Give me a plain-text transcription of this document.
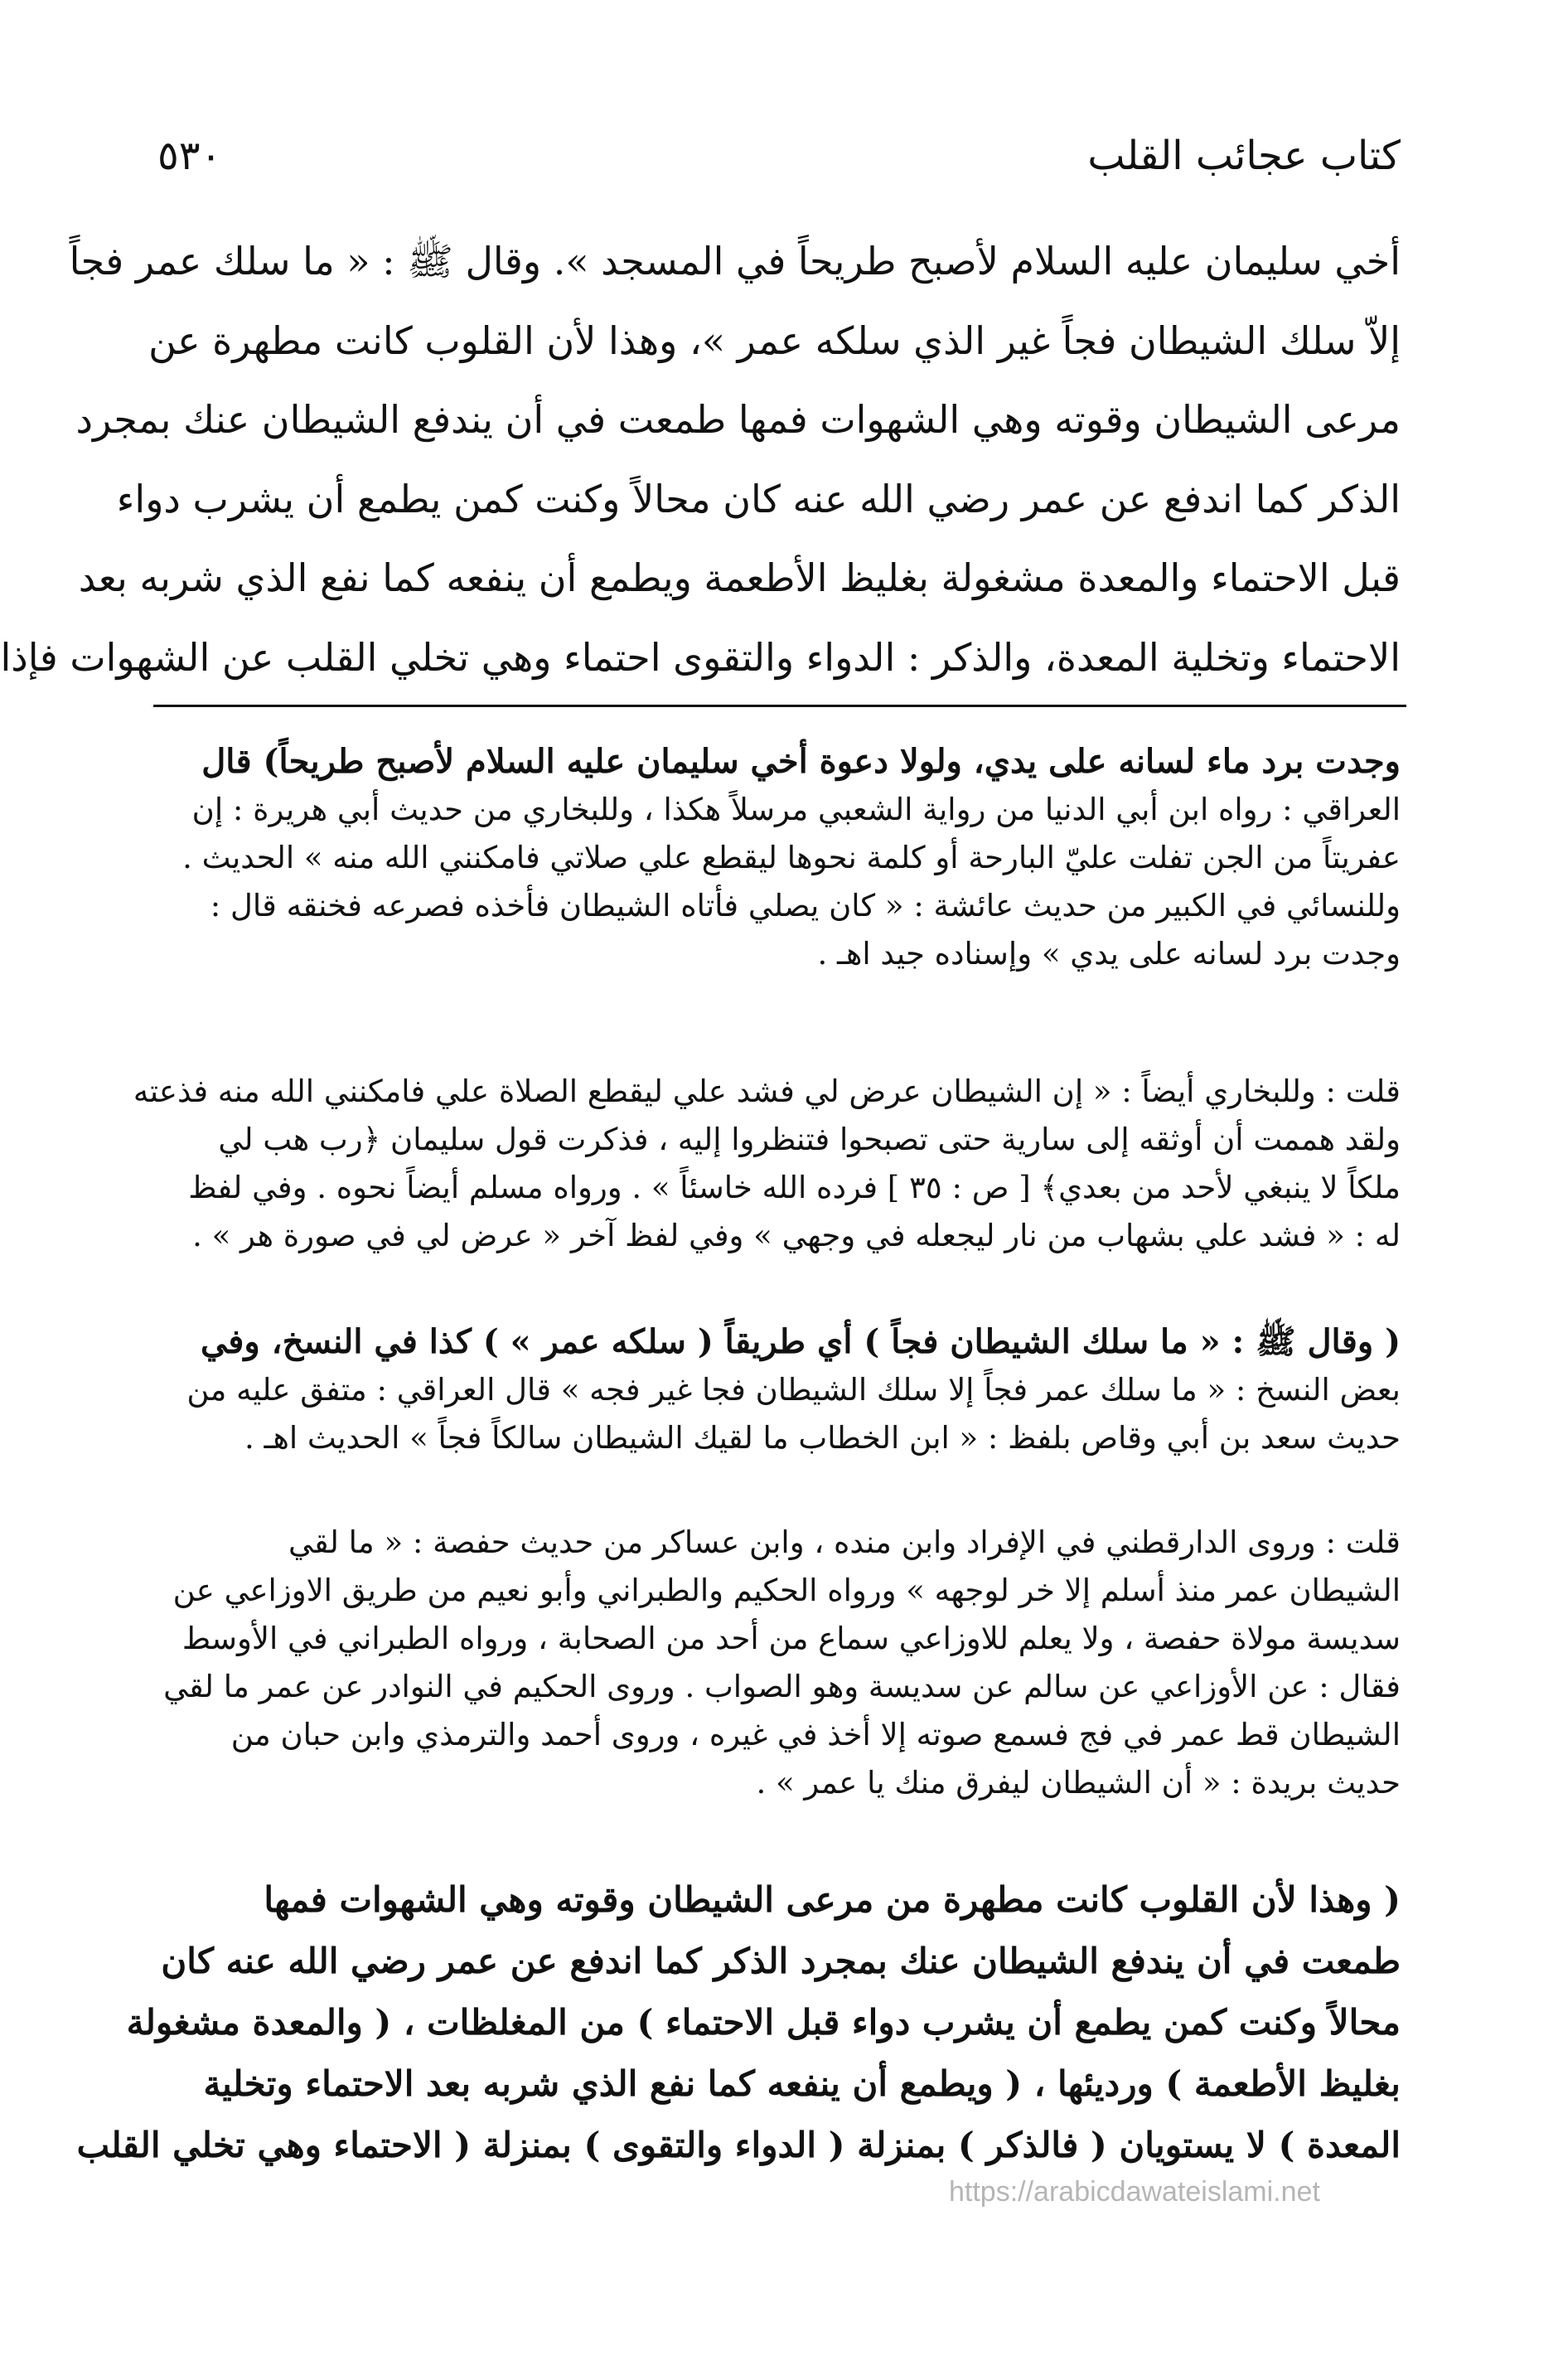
كتاب عجائب القلب
٥٣٠

أخي سليمان عليه السلام لأصبح طريحاً في المسجد ». وقال ﷺ : « ما سلك عمر فجاً

إلاّ سلك الشيطان فجاً غير الذي سلكه عمر »، وهذا لأن القلوب كانت مطهرة عن

مرعى الشيطان وقوته وهي الشهوات فمها طمعت في أن يندفع الشيطان عنك بمجرد

الذكر كما اندفع عن عمر رضي الله عنه كان محالاً وكنت كمن يطمع أن يشرب دواء

قبل الاحتماء والمعدة مشغولة بغليظ الأطعمة ويطمع أن ينفعه كما نفع الذي شربه بعد

الاحتماء وتخلية المعدة، والذكر : الدواء والتقوى احتماء وهي تخلي القلب عن الشهوات فإذا

وجدت برد ماء لسانه على يدي، ولولا دعوة أخي سليمان عليه السلام لأصبح طريحاً) قال

العراقي : رواه ابن أبي الدنيا من رواية الشعبي مرسلاً هكذا ، وللبخاري من حديث أبي هريرة : إن

عفريتاً من الجن تفلت عليّ البارحة أو كلمة نحوها ليقطع علي صلاتي فامكنني الله منه » الحديث .

وللنسائي في الكبير من حديث عائشة : « كان يصلي فأتاه الشيطان فأخذه فصرعه فخنقه قال :

وجدت برد لسانه على يدي » وإسناده جيد اهـ .

قلت : وللبخاري أيضاً : « إن الشيطان عرض لي فشد علي ليقطع الصلاة علي فامكنني الله منه فذعته

ولقد هممت أن أوثقه إلى سارية حتى تصبحوا فتنظروا إليه ، فذكرت قول سليمان ﴿رب هب لي

ملكاً لا ينبغي لأحد من بعدي﴾ [ ص : ٣٥ ] فرده الله خاسئاً » . ورواه مسلم أيضاً نحوه . وفي لفظ

له : « فشد علي بشهاب من نار ليجعله في وجهي » وفي لفظ آخر « عرض لي في صورة هر » .

( وقال ﷺ : « ما سلك الشيطان فجاً ) أي طريقاً ( سلكه عمر » ) كذا في النسخ، وفي

بعض النسخ : « ما سلك عمر فجاً إلا سلك الشيطان فجا غير فجه » قال العراقي : متفق عليه من

حديث سعد بن أبي وقاص بلفظ : « ابن الخطاب ما لقيك الشيطان سالكاً فجاً » الحديث اهـ .

قلت : وروى الدارقطني في الإفراد وابن منده ، وابن عساكر من حديث حفصة : « ما لقي

الشيطان عمر منذ أسلم إلا خر لوجهه » ورواه الحكيم والطبراني وأبو نعيم من طريق الاوزاعي عن

سديسة مولاة حفصة ، ولا يعلم للاوزاعي سماع من أحد من الصحابة ، ورواه الطبراني في الأوسط

فقال : عن الأوزاعي عن سالم عن سديسة وهو الصواب . وروى الحكيم في النوادر عن عمر ما لقي

الشيطان قط عمر في فج فسمع صوته إلا أخذ في غيره ، وروى أحمد والترمذي وابن حبان من

حديث بريدة : « أن الشيطان ليفرق منك يا عمر » .

( وهذا لأن القلوب كانت مطهرة من مرعى الشيطان وقوته وهي الشهوات فمها

طمعت في أن يندفع الشيطان عنك بمجرد الذكر كما اندفع عن عمر رضي الله عنه كان

محالاً وكنت كمن يطمع أن يشرب دواء قبل الاحتماء ) من المغلظات ، ( والمعدة مشغولة

بغليظ الأطعمة ) ورديئها ، ( ويطمع أن ينفعه كما نفع الذي شربه بعد الاحتماء وتخلية

المعدة ) لا يستويان ( فالذكر ) بمنزلة ( الدواء والتقوى ) بمنزلة ( الاحتماء وهي تخلي القلب

https://arabicdawateislami.net
